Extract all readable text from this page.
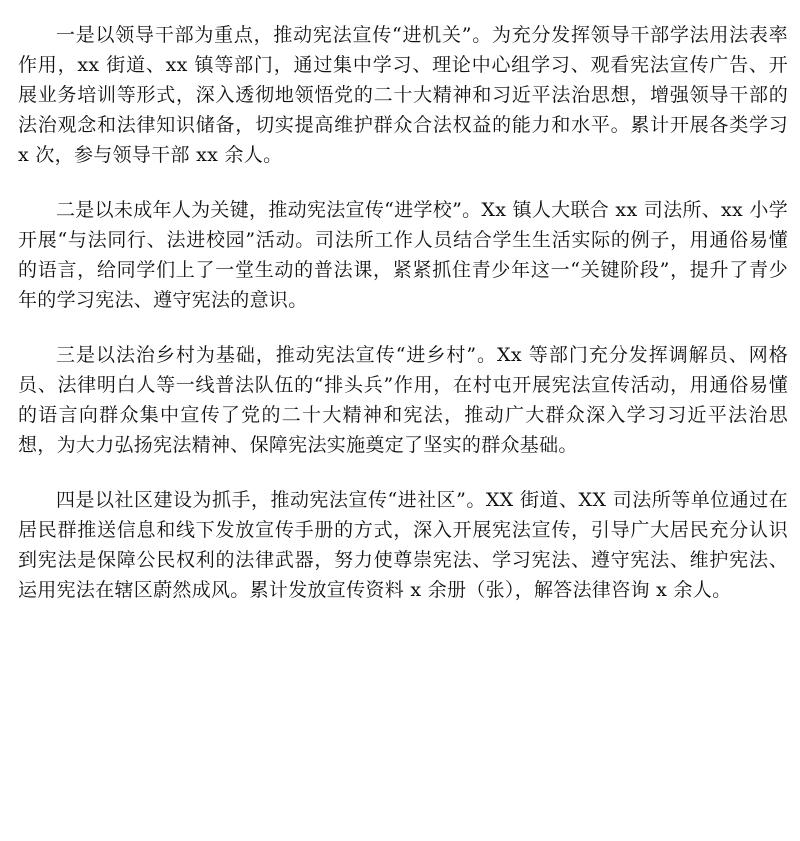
一是以领导干部为重点，推动宪法宣传“进机关”。为充分发挥领导干部学法用法表率作用，xx 街道、xx 镇等部门，通过集中学习、理论中心组学习、观看宪法宣传广告、开展业务培训等形式，深入透彻地领悟党的二十大精神和习近平法治思想，增强领导干部的法治观念和法律知识储备，切实提高维护群众合法权益的能力和水平。累计开展各类学习 x 次，参与领导干部 xx 余人。

二是以未成年人为关键，推动宪法宣传“进学校”。Xx 镇人大联合 xx 司法所、xx 小学开展“与法同行、法进校园”活动。司法所工作人员结合学生生活实际的例子，用通俗易懂的语言，给同学们上了一堂生动的普法课，紧紧抓住青少年这一“关键阶段”，提升了青少年的学习宪法、遵守宪法的意识。

三是以法治乡村为基础，推动宪法宣传“进乡村”。Xx 等部门充分发挥调解员、网格员、法律明白人等一线普法队伍的“排头兵”作用，在村屯开展宪法宣传活动，用通俗易懂的语言向群众集中宣传了党的二十大精神和宪法，推动广大群众深入学习习近平法治思想，为大力弘扬宪法精神、保障宪法实施奠定了坚实的群众基础。

四是以社区建设为抓手，推动宪法宣传“进社区”。XX 街道、XX 司法所等单位通过在居民群推送信息和线下发放宣传手册的方式，深入开展宪法宣传，引导广大居民充分认识到宪法是保障公民权利的法律武器，努力使尊崇宪法、学习宪法、遵守宪法、维护宪法、运用宪法在辖区蔚然成风。累计发放宣传资料 x 余册（张），解答法律咨询 x 余人。
